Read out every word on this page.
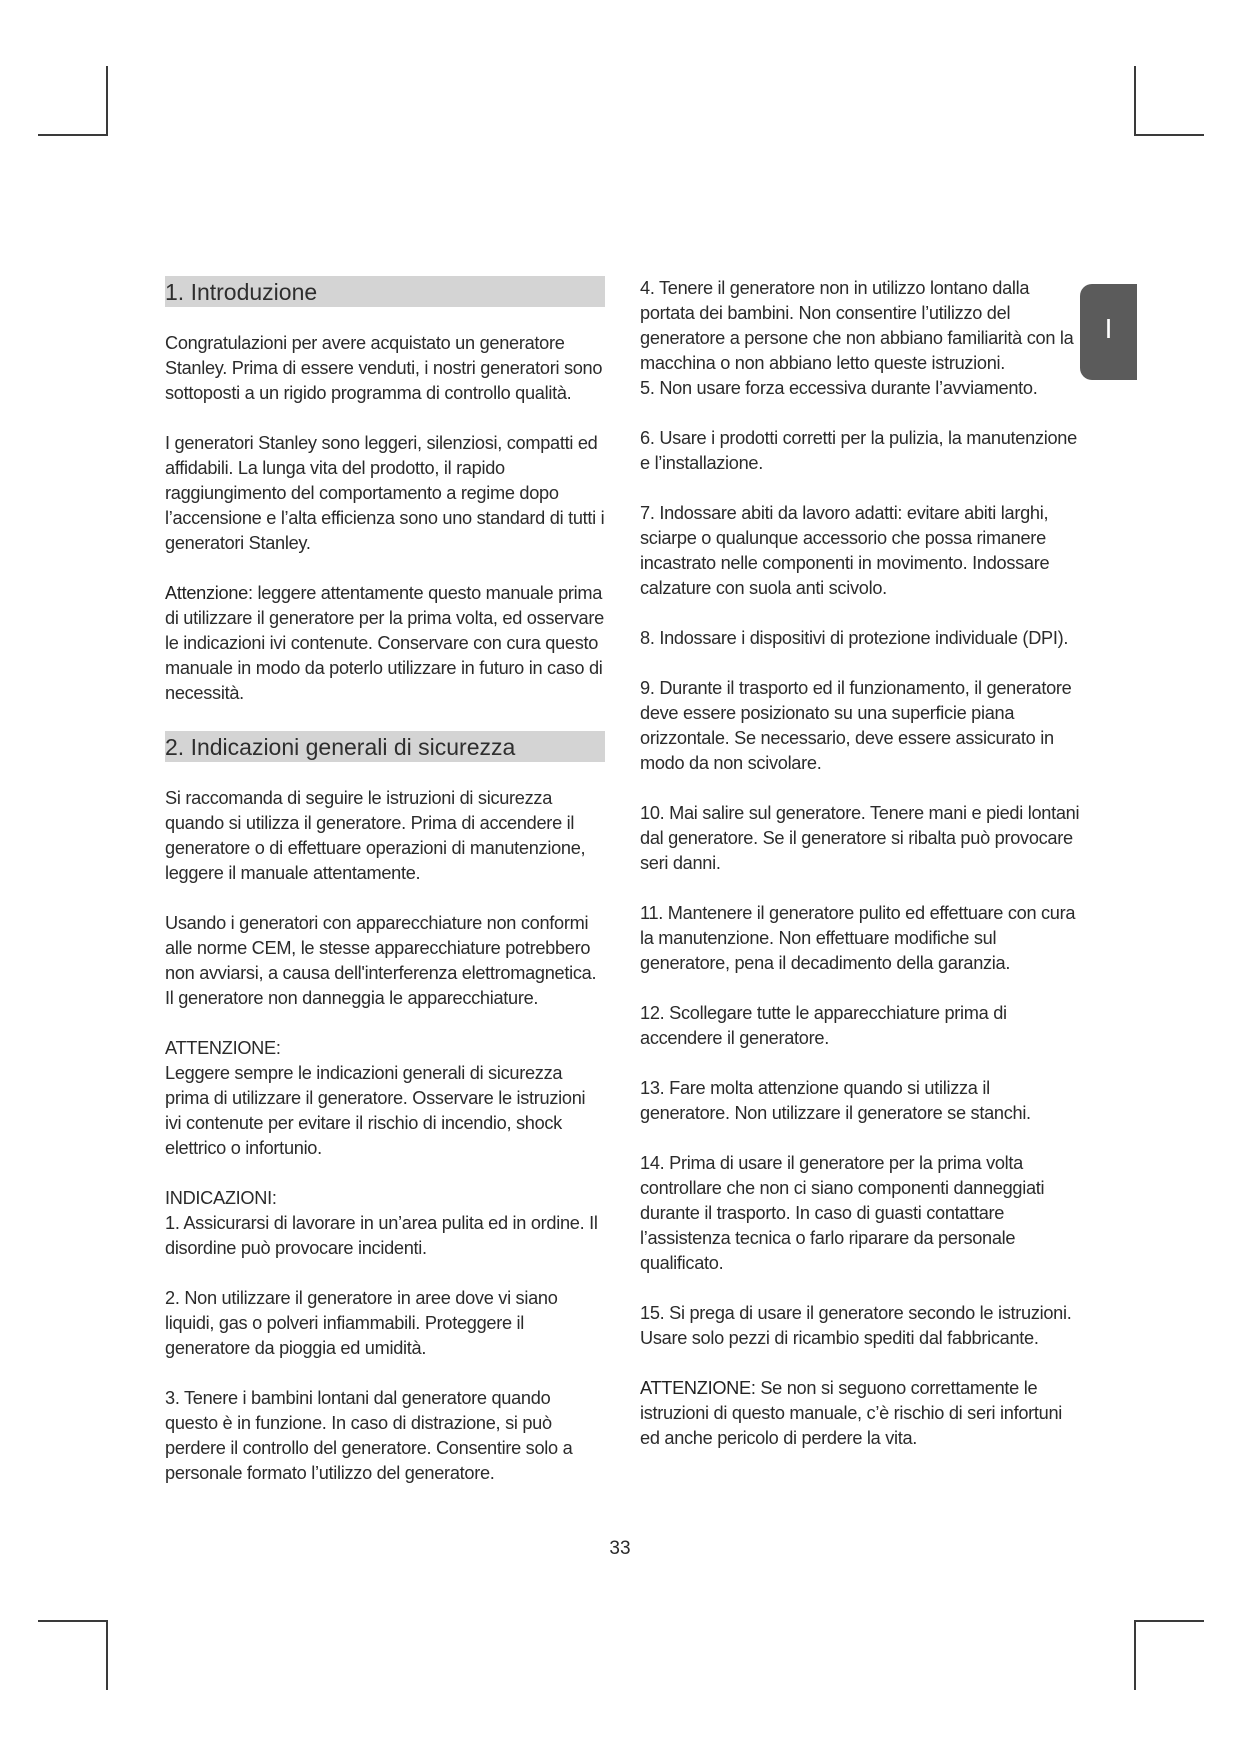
I
1. Introduzione

Congratulazioni per avere acquistato un generatore Stanley. Prima di essere venduti, i nostri generatori sono sottoposti a un rigido programma di controllo qualità.

I generatori Stanley sono leggeri, silenziosi, compatti ed affidabili. La lunga vita del prodotto, il rapido raggiungimento del comportamento a regime dopo l’accensione e l’alta efficienza sono uno standard di tutti i generatori Stanley.

Attenzione: leggere attentamente questo manuale prima di utilizzare il generatore per la prima volta, ed osservare le indicazioni ivi contenute. Conservare con cura questo manuale in modo da poterlo utilizzare in futuro in caso di necessità.

2. Indicazioni generali di sicurezza

Si raccomanda di seguire le istruzioni di sicurezza quando si utilizza il generatore. Prima di accendere il generatore o di effettuare operazioni di manutenzione, leggere il manuale attentamente.

Usando i generatori con apparecchiature non conformi alle norme CEM, le stesse apparecchiature potrebbero non avviarsi, a causa dell'interferenza elettromagnetica. Il generatore non danneggia le apparecchiature.

ATTENZIONE:

Leggere sempre le indicazioni generali di sicurezza prima di utilizzare il generatore. Osservare le istruzioni ivi contenute per evitare il rischio di incendio, shock elettrico o infortunio.

INDICAZIONI:

1. Assicurarsi di lavorare in un’area pulita ed in ordine. Il disordine può provocare incidenti.

2. Non utilizzare il generatore in aree dove vi siano liquidi, gas o polveri infiammabili. Proteggere il generatore da pioggia ed umidità.

3. Tenere i bambini lontani dal generatore quando questo è in funzione. In caso di distrazione, si può perdere il controllo del generatore. Consentire solo a personale formato l’utilizzo del generatore.

4. Tenere il generatore non in utilizzo lontano dalla portata dei bambini. Non consentire l’utilizzo del generatore a persone che non abbiano familiarità con la macchina o non abbiano letto queste istruzioni.

5. Non usare forza eccessiva durante l’avviamento.

6. Usare i prodotti corretti per la pulizia, la manutenzione e l’installazione.

7. Indossare abiti da lavoro adatti: evitare abiti larghi, sciarpe o qualunque accessorio che possa rimanere incastrato nelle componenti in movimento. Indossare calzature con suola anti scivolo.

8. Indossare i dispositivi di protezione individuale (DPI).

9. Durante il trasporto ed il funzionamento, il generatore deve essere posizionato su una superficie piana orizzontale. Se necessario, deve essere assicurato in modo da non scivolare.

10. Mai salire sul generatore. Tenere mani e piedi lontani dal generatore. Se il generatore si ribalta può provocare seri danni.

11. Mantenere il generatore pulito ed effettuare con cura la manutenzione. Non effettuare modifiche sul generatore, pena il decadimento della garanzia.

12. Scollegare tutte le apparecchiature prima di accendere il generatore.

13. Fare molta attenzione quando si utilizza il generatore. Non utilizzare il generatore se stanchi.

14. Prima di usare il generatore per la prima volta controllare che non ci siano componenti danneggiati durante il trasporto. In caso di guasti contattare l’assistenza tecnica o farlo riparare da personale qualificato.

15. Si prega di usare il generatore secondo le istruzioni. Usare solo pezzi di ricambio spediti dal fabbricante.

ATTENZIONE: Se non si seguono correttamente le istruzioni di questo manuale, c’è rischio di seri infortuni ed anche pericolo di perdere la vita.

33
